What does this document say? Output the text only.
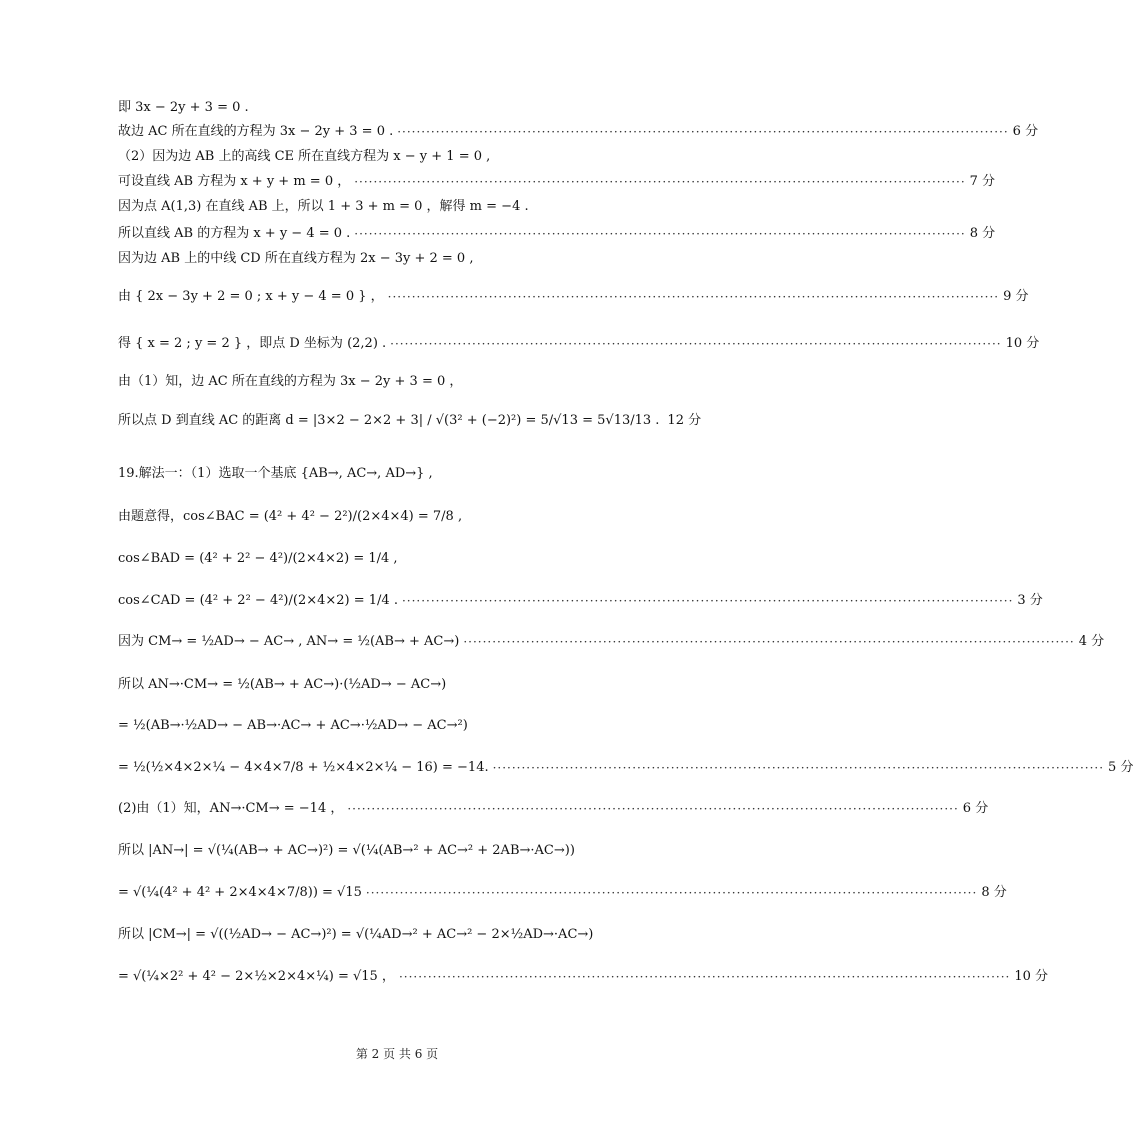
即 3x − 2y + 3 = 0 .
故边 AC 所在直线的方程为 3x − 2y + 3 = 0 . ······························································································································· 6 分
（2）因为边 AB 上的高线 CE 所在直线方程为 x − y + 1 = 0 ,
可设直线 AB 方程为 x + y + m = 0 ， ······························································································································· 7 分
因为点 A(1,3) 在直线 AB 上，所以 1 + 3 + m = 0 ，解得 m = −4 .
所以直线 AB 的方程为 x + y − 4 = 0 . ······························································································································· 8 分
因为边 AB 上的中线 CD 所在直线方程为 2x − 3y + 2 = 0 ,
由 { 2x − 3y + 2 = 0 ; x + y − 4 = 0 } ， ······························································································································· 9 分
得 { x = 2 ; y = 2 } ，即点 D 坐标为 (2,2) . ······························································································································· 10 分
由（1）知，边 AC 所在直线的方程为 3x − 2y + 3 = 0 ，
所以点 D 到直线 AC 的距离 d = |3×2 − 2×2 + 3| / √(3² + (−2)²) = 5/√13 = 5√13/13 . 12 分
19.解法一：（1）选取一个基底 {AB→, AC→, AD→} ,
由题意得，cos∠BAC = (4² + 4² − 2²)/(2×4×4) = 7/8 ,
cos∠BAD = (4² + 2² − 4²)/(2×4×2) = 1/4 ,
cos∠CAD = (4² + 2² − 4²)/(2×4×2) = 1/4 . ······························································································································· 3 分
因为 CM→ = ½AD→ − AC→ , AN→ = ½(AB→ + AC→) ······························································································································· 4 分
所以 AN→·CM→ = ½(AB→ + AC→)·(½AD→ − AC→)
= ½(AB→·½AD→ − AB→·AC→ + AC→·½AD→ − AC→²)
= ½(½×4×2×¼ − 4×4×7/8 + ½×4×2×¼ − 16) = −14. ······························································································································· 5 分
(2)由（1）知，AN→·CM→ = −14 ， ······························································································································· 6 分
所以 |AN→| = √(¼(AB→ + AC→)²) = √(¼(AB→² + AC→² + 2AB→·AC→))
= √(¼(4² + 4² + 2×4×4×7/8)) = √15 ······························································································································· 8 分
所以 |CM→| = √((½AD→ − AC→)²) = √(¼AD→² + AC→² − 2×½AD→·AC→)
= √(¼×2² + 4² − 2×½×2×4×¼) = √15 ， ······························································································································· 10 分
第 2 页 共 6 页
